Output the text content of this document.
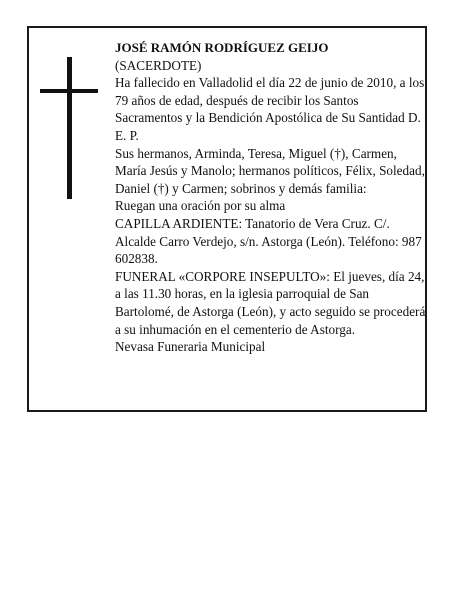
JOSÉ RAMÓN RODRÍGUEZ GEIJO

(SACERDOTE)

Ha fallecido en Valladolid el día 22 de junio de 2010, a los 79 años de edad, después de recibir los Santos Sacramentos y la Bendición Apostólica de Su Santidad D. E. P.

Sus hermanos, Arminda, Teresa, Miguel (†), Carmen, María Jesús y Manolo; hermanos políticos, Félix, Soledad, Daniel (†) y Carmen; sobrinos y demás familia:

Ruegan una oración por su alma

CAPILLA ARDIENTE: Tanatorio de Vera Cruz. C/. Alcalde Carro Verdejo, s/n. Astorga (León). Teléfono: 987 602838.

FUNERAL «CORPORE INSEPULTO»: El jueves, día 24, a las 11.30 horas, en la iglesia parroquial de San Bartolomé, de Astorga (León), y acto seguido se procederá a su inhumación en el cementerio de Astorga.

Nevasa Funeraria Municipal
